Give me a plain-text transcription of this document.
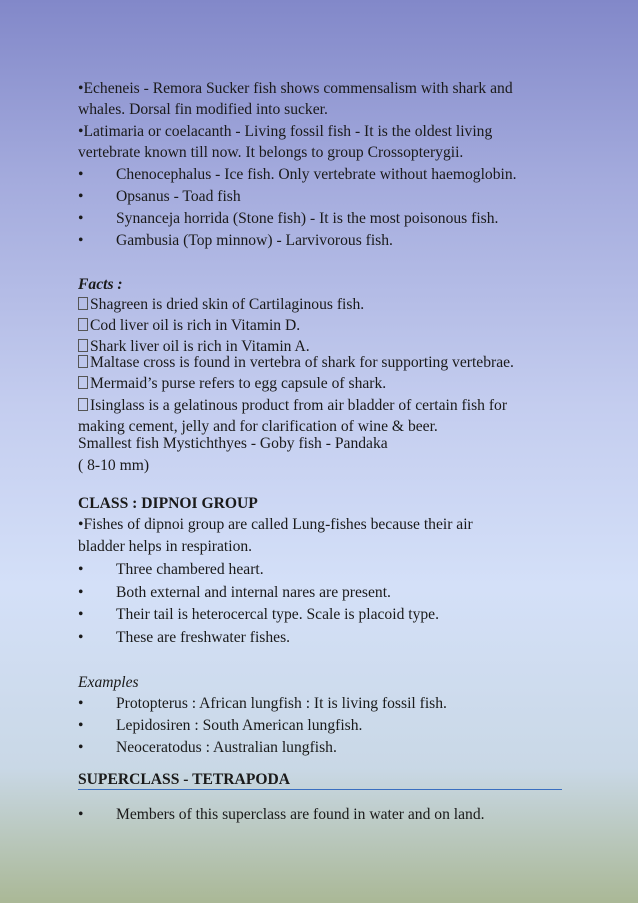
•Echeneis - Remora Sucker fish shows commensalism with shark and
whales. Dorsal fin modified into sucker.
•Latimaria or coelacanth - Living fossil fish - It is the oldest living
vertebrate known till now. It belongs to group Crossopterygii.
• Chenocephalus - Ice fish. Only vertebrate without haemoglobin.
• Opsanus - Toad fish
• Synanceja horrida (Stone fish) - It is the most poisonous fish.
• Gambusia (Top minnow) - Larvivorous fish.
Facts :
Shagreen is dried skin of Cartilaginous fish.
Cod liver oil is rich in Vitamin D.
Shark liver oil is rich in Vitamin A.
Maltase cross is found in vertebra of shark for supporting vertebrae.
Mermaid’s purse refers to egg capsule of shark.
Isinglass is a gelatinous product from air bladder of certain fish for
making cement, jelly and for clarification of wine & beer.
Smallest fish Mystichthyes - Goby fish - Pandaka
( 8-10 mm)
CLASS : DIPNOI GROUP
•Fishes of dipnoi group are called Lung-fishes because their air
bladder helps in respiration.
• Three chambered heart.
• Both external and internal nares are present.
• Their tail is heterocercal type. Scale is placoid type.
• These are freshwater fishes.
Examples
• Protopterus : African lungfish : It is living fossil fish.
• Lepidosiren : South American lungfish.
• Neoceratodus : Australian lungfish.
SUPERCLASS - TETRAPODA
• Members of this superclass are found in water and on land.
